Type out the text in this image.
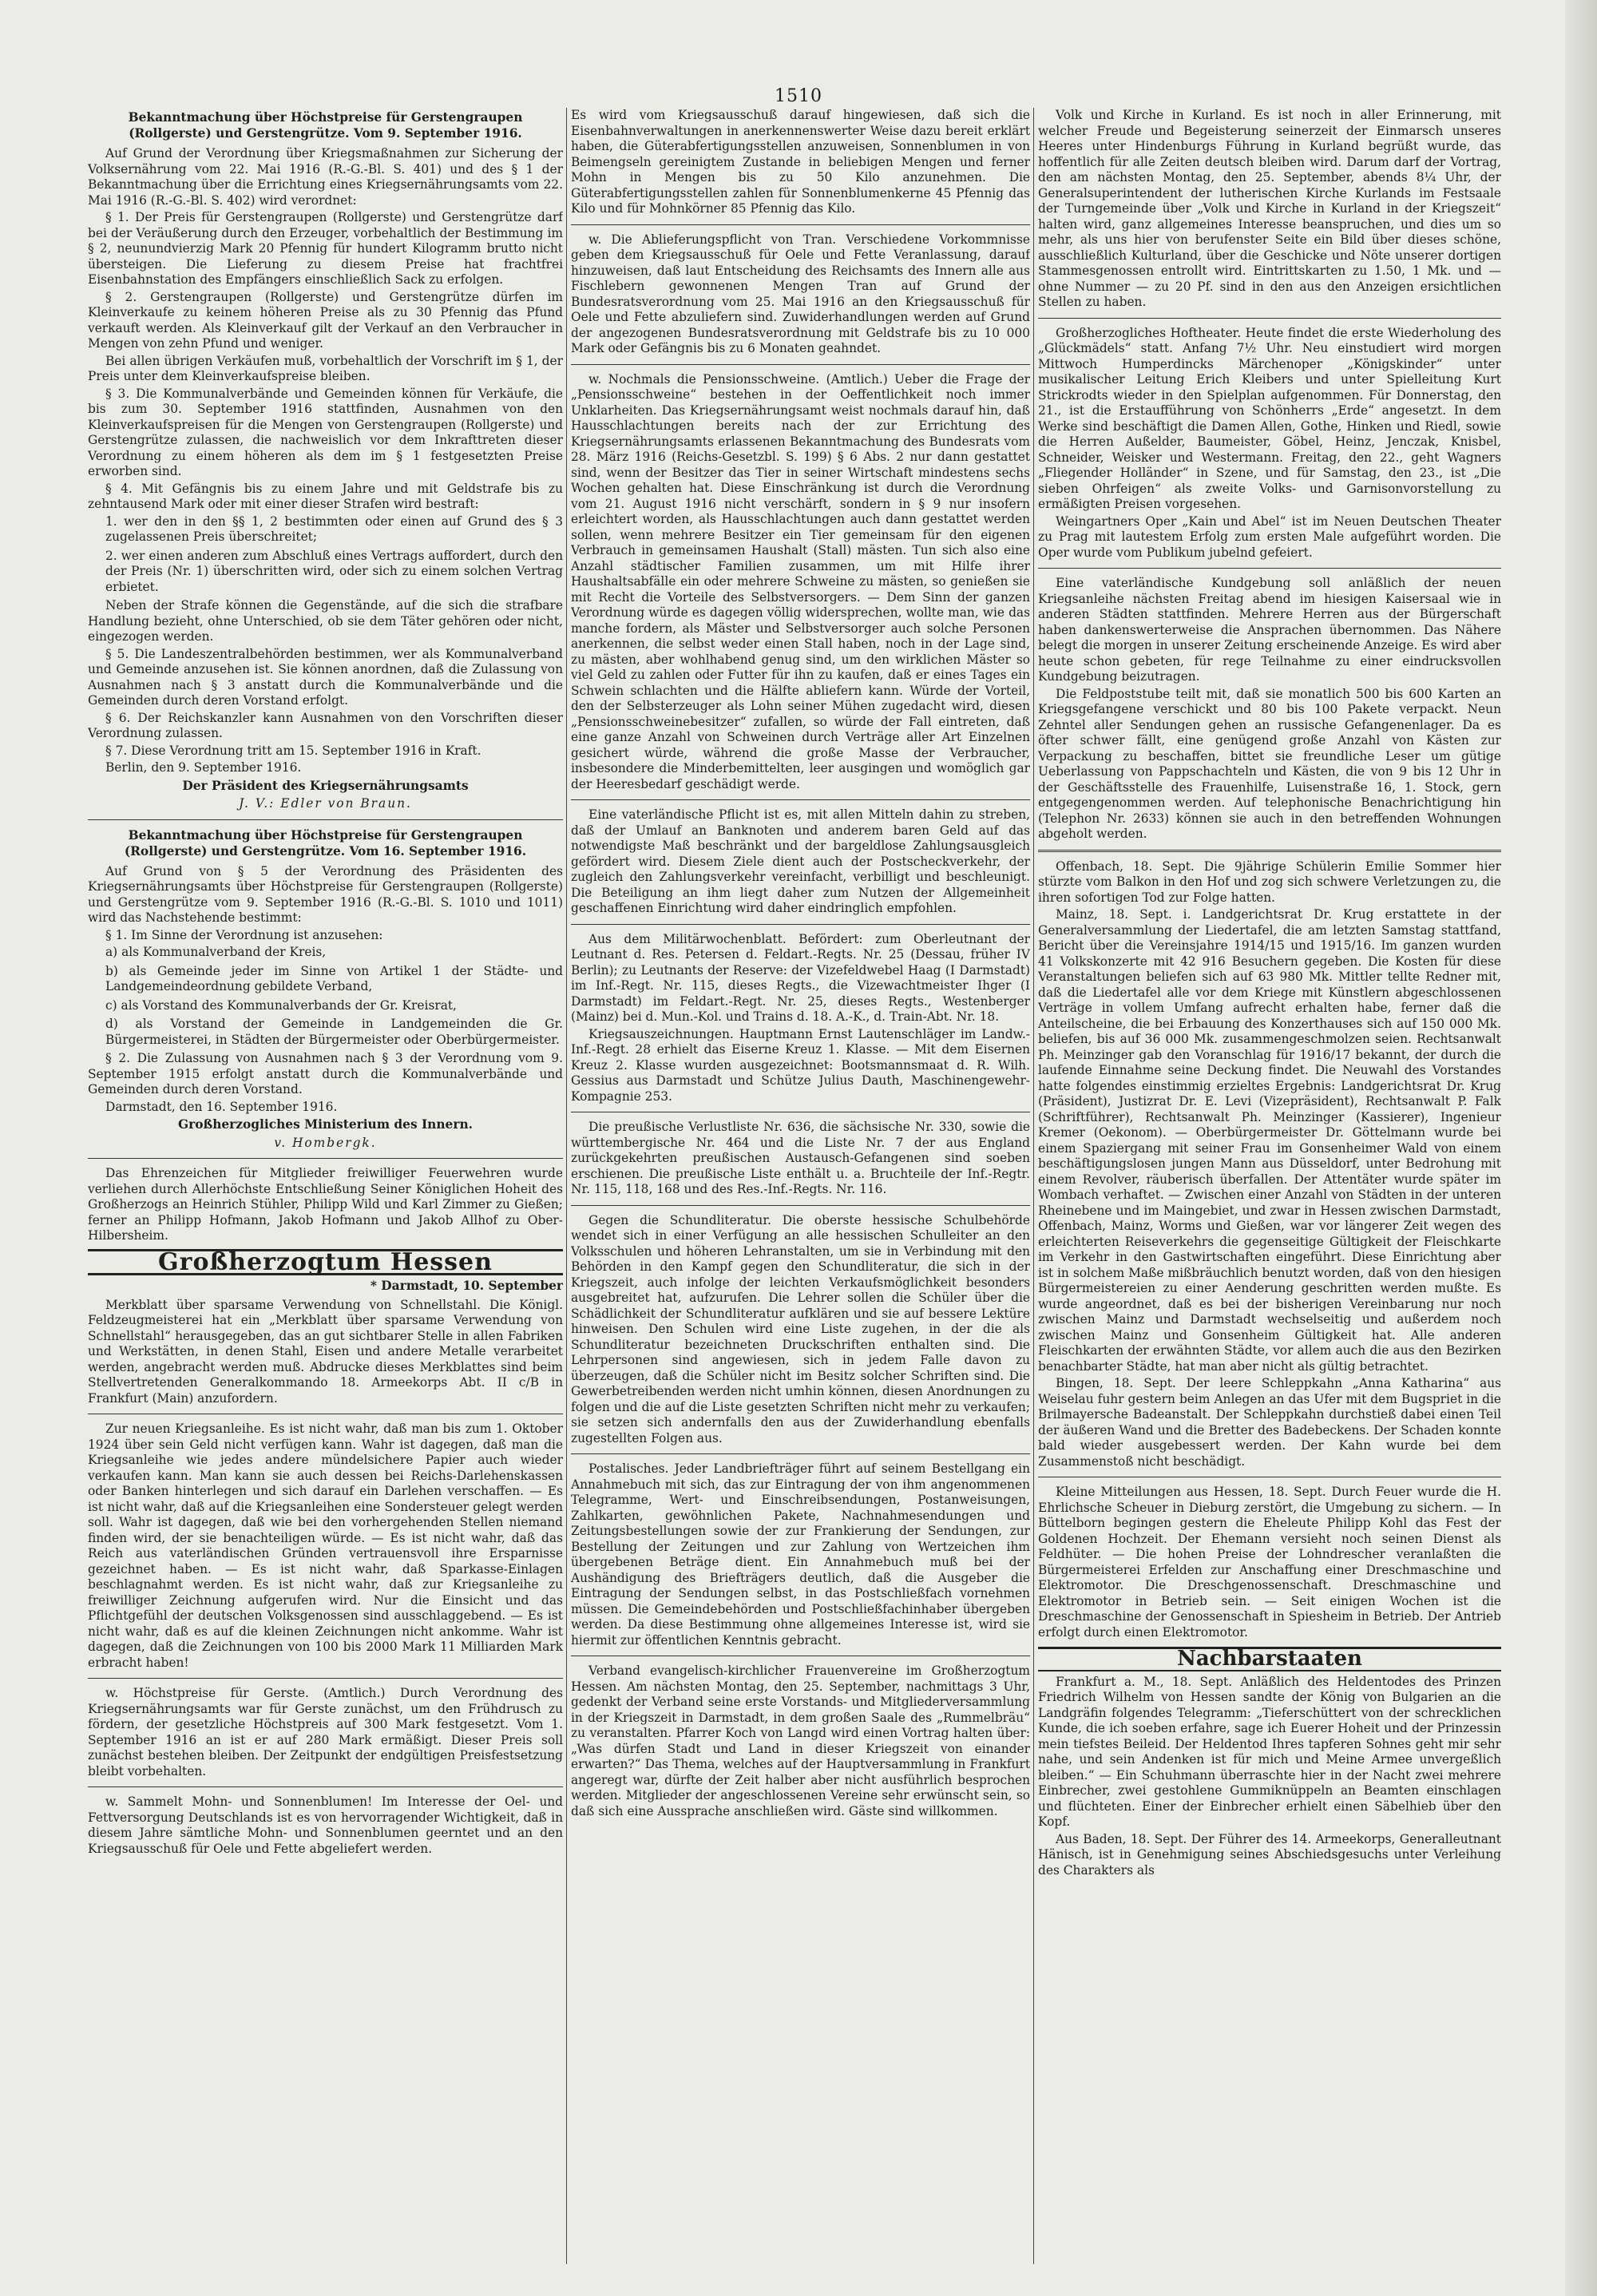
1510
Bekanntmachung über Höchstpreise für Gerstengraupen (Rollgerste) und Gerstengrütze. Vom 9. September 1916.

Auf Grund der Verordnung über Kriegsmaßnahmen zur Sicherung der Volksernährung vom 22. Mai 1916 (R.-G.-Bl. S. 401) und des § 1 der Bekanntmachung über die Errichtung eines Kriegsernährungsamts vom 22. Mai 1916 (R.-G.-Bl. S. 402) wird verordnet:

§ 1. Der Preis für Gerstengraupen (Rollgerste) und Gerstengrütze darf bei der Veräußerung durch den Erzeuger, vorbehaltlich der Bestimmung im § 2, neunundvierzig Mark 20 Pfennig für hundert Kilogramm brutto nicht übersteigen. Die Lieferung zu diesem Preise hat frachtfrei Eisenbahnstation des Empfängers einschließlich Sack zu erfolgen.

§ 2. Gerstengraupen (Rollgerste) und Gerstengrütze dürfen im Kleinverkaufe zu keinem höheren Preise als zu 30 Pfennig das Pfund verkauft werden. Als Kleinverkauf gilt der Verkauf an den Verbraucher in Mengen von zehn Pfund und weniger.

Bei allen übrigen Verkäufen muß, vorbehaltlich der Vorschrift im § 1, der Preis unter dem Kleinverkaufspreise bleiben.

§ 3. Die Kommunalverbände und Gemeinden können für Verkäufe, die bis zum 30. September 1916 stattfinden, Ausnahmen von den Kleinverkaufspreisen für die Mengen von Gerstengraupen (Rollgerste) und Gerstengrütze zulassen, die nachweislich vor dem Inkrafttreten dieser Verordnung zu einem höheren als dem im § 1 festgesetzten Preise erworben sind.

§ 4. Mit Gefängnis bis zu einem Jahre und mit Geldstrafe bis zu zehntausend Mark oder mit einer dieser Strafen wird bestraft:

1. wer den in den §§ 1, 2 bestimmten oder einen auf Grund des § 3 zugelassenen Preis überschreitet;
2. wer einen anderen zum Abschluß eines Vertrags auffordert, durch den der Preis (Nr. 1) überschritten wird, oder sich zu einem solchen Vertrag erbietet.

Neben der Strafe können die Gegenstände, auf die sich die strafbare Handlung bezieht, ohne Unterschied, ob sie dem Täter gehören oder nicht, eingezogen werden.

§ 5. Die Landeszentralbehörden bestimmen, wer als Kommunalverband und Gemeinde anzusehen ist. Sie können anordnen, daß die Zulassung von Ausnahmen nach § 3 anstatt durch die Kommunalverbände und die Gemeinden durch deren Vorstand erfolgt.

§ 6. Der Reichskanzler kann Ausnahmen von den Vorschriften dieser Verordnung zulassen.

§ 7. Diese Verordnung tritt am 15. September 1916 in Kraft.

Berlin, den 9. September 1916.

Der Präsident des Kriegsernährungsamts
J. V.: Edler von Braun.
Bekanntmachung über Höchstpreise für Gerstengraupen (Rollgerste) und Gerstengrütze. Vom 16. September 1916.

Auf Grund von § 5 der Verordnung des Präsidenten des Kriegsernährungsamts über Höchstpreise für Gerstengraupen (Rollgerste) und Gerstengrütze vom 9. September 1916 (R.-G.-Bl. S. 1010 und 1011) wird das Nachstehende bestimmt:

§ 1. Im Sinne der Verordnung ist anzusehen:

a) als Kommunalverband der Kreis,
b) als Gemeinde jeder im Sinne von Artikel 1 der Städte- und Landgemeindeordnung gebildete Verband,
c) als Vorstand des Kommunalverbands der Gr. Kreisrat,
d) als Vorstand der Gemeinde in Landgemeinden die Gr. Bürgermeisterei, in Städten der Bürgermeister oder Oberbürgermeister.

§ 2. Die Zulassung von Ausnahmen nach § 3 der Verordnung vom 9. September 1915 erfolgt anstatt durch die Kommunalverbände und Gemeinden durch deren Vorstand.

Darmstadt, den 16. September 1916.

Großherzogliches Ministerium des Innern.
v. Hombergk.

Das Ehrenzeichen für Mitglieder freiwilliger Feuerwehren wurde verliehen durch Allerhöchste Entschließung Seiner Königlichen Hoheit des Großherzogs an Heinrich Stühler, Philipp Wild und Karl Zimmer zu Gießen; ferner an Philipp Hofmann, Jakob Hofmann und Jakob Allhof zu Ober-Hilbersheim.

Großherzogtum Hessen
* Darmstadt, 10. September

Merkblatt über sparsame Verwendung von Schnellstahl. Die Königl. Feldzeugmeisterei hat ein „Merkblatt über sparsame Verwendung von Schnellstahl“ herausgegeben, das an gut sichtbarer Stelle in allen Fabriken und Werkstätten, in denen Stahl, Eisen und andere Metalle verarbeitet werden, angebracht werden muß. Abdrucke dieses Merkblattes sind beim Stellvertretenden Generalkommando 18. Armeekorps Abt. II c/B in Frankfurt (Main) anzufordern.

Zur neuen Kriegsanleihe. Es ist nicht wahr, daß man bis zum 1. Oktober 1924 über sein Geld nicht verfügen kann. Wahr ist dagegen, daß man die Kriegsanleihe wie jedes andere mündelsichere Papier auch wieder verkaufen kann. Man kann sie auch dessen bei Reichs-Darlehenskassen oder Banken hinterlegen und sich darauf ein Darlehen verschaffen. — Es ist nicht wahr, daß auf die Kriegsanleihen eine Sondersteuer gelegt werden soll. Wahr ist dagegen, daß wie bei den vorhergehenden Stellen niemand finden wird, der sie benachteiligen würde. — Es ist nicht wahr, daß das Reich aus vaterländischen Gründen vertrauensvoll ihre Ersparnisse gezeichnet haben. — Es ist nicht wahr, daß Sparkasse-Einlagen beschlagnahmt werden. Es ist nicht wahr, daß zur Kriegsanleihe zu freiwilliger Zeichnung aufgerufen wird. Nur die Einsicht und das Pflichtgefühl der deutschen Volksgenossen sind ausschlaggebend. — Es ist nicht wahr, daß es auf die kleinen Zeichnungen nicht ankomme. Wahr ist dagegen, daß die Zeichnungen von 100 bis 2000 Mark 11 Milliarden Mark erbracht haben!

w. Höchstpreise für Gerste. (Amtlich.) Durch Verordnung des Kriegsernährungsamts war für Gerste zunächst, um den Frühdrusch zu fördern, der gesetzliche Höchstpreis auf 300 Mark festgesetzt. Vom 1. September 1916 an ist er auf 280 Mark ermäßigt. Dieser Preis soll zunächst bestehen bleiben. Der Zeitpunkt der endgültigen Preisfestsetzung bleibt vorbehalten.

w. Sammelt Mohn- und Sonnenblumen! Im Interesse der Oel- und Fettversorgung Deutschlands ist es von hervorragender Wichtigkeit, daß in diesem Jahre sämtliche Mohn- und Sonnenblumen geerntet und an den Kriegsausschuß für Oele und Fette abgeliefert werden.

Es wird vom Kriegsausschuß darauf hingewiesen, daß sich die Eisenbahnverwaltungen in anerkennenswerter Weise dazu bereit erklärt haben, die Güterabfertigungsstellen anzuweisen, Sonnenblumen in von Beimengseln gereinigtem Zustande in beliebigen Mengen und ferner Mohn in Mengen bis zu 50 Kilo anzunehmen. Die Güterabfertigungsstellen zahlen für Sonnenblumenkerne 45 Pfennig das Kilo und für Mohnkörner 85 Pfennig das Kilo.

w. Die Ablieferungspflicht von Tran. Verschiedene Vorkommnisse geben dem Kriegsausschuß für Oele und Fette Veranlassung, darauf hinzuweisen, daß laut Entscheidung des Reichsamts des Innern alle aus Fischlebern gewonnenen Mengen Tran auf Grund der Bundesratsverordnung vom 25. Mai 1916 an den Kriegsausschuß für Oele und Fette abzuliefern sind. Zuwiderhandlungen werden auf Grund der angezogenen Bundesratsverordnung mit Geldstrafe bis zu 10 000 Mark oder Gefängnis bis zu 6 Monaten geahndet.

w. Nochmals die Pensionsschweine. (Amtlich.) Ueber die Frage der „Pensionsschweine“ bestehen in der Oeffentlichkeit noch immer Unklarheiten. Das Kriegsernährungsamt weist nochmals darauf hin, daß Hausschlachtungen bereits nach der zur Errichtung des Kriegsernährungsamts erlassenen Bekanntmachung des Bundesrats vom 28. März 1916 (Reichs-Gesetzbl. S. 199) § 6 Abs. 2 nur dann gestattet sind, wenn der Besitzer das Tier in seiner Wirtschaft mindestens sechs Wochen gehalten hat. Diese Einschränkung ist durch die Verordnung vom 21. August 1916 nicht verschärft, sondern in § 9 nur insofern erleichtert worden, als Hausschlachtungen auch dann gestattet werden sollen, wenn mehrere Besitzer ein Tier gemeinsam für den eigenen Verbrauch in gemeinsamen Haushalt (Stall) mästen. Tun sich also eine Anzahl städtischer Familien zusammen, um mit Hilfe ihrer Haushaltsabfälle ein oder mehrere Schweine zu mästen, so genießen sie mit Recht die Vorteile des Selbstversorgers. — Dem Sinn der ganzen Verordnung würde es dagegen völlig widersprechen, wollte man, wie das manche fordern, als Mäster und Selbstversorger auch solche Personen anerkennen, die selbst weder einen Stall haben, noch in der Lage sind, zu mästen, aber wohlhabend genug sind, um den wirklichen Mäster so viel Geld zu zahlen oder Futter für ihn zu kaufen, daß er eines Tages ein Schwein schlachten und die Hälfte abliefern kann. Würde der Vorteil, den der Selbsterzeuger als Lohn seiner Mühen zugedacht wird, diesen „Pensionsschweinebesitzer“ zufallen, so würde der Fall eintreten, daß eine ganze Anzahl von Schweinen durch Verträge aller Art Einzelnen gesichert würde, während die große Masse der Verbraucher, insbesondere die Minderbemittelten, leer ausgingen und womöglich gar der Heeresbedarf geschädigt werde.

Eine vaterländische Pflicht ist es, mit allen Mitteln dahin zu streben, daß der Umlauf an Banknoten und anderem baren Geld auf das notwendigste Maß beschränkt und der bargeldlose Zahlungsausgleich gefördert wird. Diesem Ziele dient auch der Postscheckverkehr, der zugleich den Zahlungsverkehr vereinfacht, verbilligt und beschleunigt. Die Beteiligung an ihm liegt daher zum Nutzen der Allgemeinheit geschaffenen Einrichtung wird daher eindringlich empfohlen.

Aus dem Militärwochenblatt. Befördert: zum Oberleutnant der Leutnant d. Res. Petersen d. Feldart.-Regts. Nr. 25 (Dessau, früher IV Berlin); zu Leutnants der Reserve: der Vizefeldwebel Haag (I Darmstadt) im Inf.-Regt. Nr. 115, dieses Regts., die Vizewachtmeister Ihger (I Darmstadt) im Feldart.-Regt. Nr. 25, dieses Regts., Westenberger (Mainz) bei d. Mun.-Kol. und Trains d. 18. A.-K., d. Train-Abt. Nr. 18.

Kriegsauszeichnungen. Hauptmann Ernst Lautenschläger im Landw.-Inf.-Regt. 28 erhielt das Eiserne Kreuz 1. Klasse. — Mit dem Eisernen Kreuz 2. Klasse wurden ausgezeichnet: Bootsmannsmaat d. R. Wilh. Gessius aus Darmstadt und Schütze Julius Dauth, Maschinengewehr-Kompagnie 253.

Die preußische Verlustliste Nr. 636, die sächsische Nr. 330, sowie die württembergische Nr. 464 und die Liste Nr. 7 der aus England zurückgekehrten preußischen Austausch-Gefangenen sind soeben erschienen. Die preußische Liste enthält u. a. Bruchteile der Inf.-Regtr. Nr. 115, 118, 168 und des Res.-Inf.-Regts. Nr. 116.

Gegen die Schundliteratur. Die oberste hessische Schulbehörde wendet sich in einer Verfügung an alle hessischen Schulleiter an den Volksschulen und höheren Lehranstalten, um sie in Verbindung mit den Behörden in den Kampf gegen den Schundliteratur, die sich in der Kriegszeit, auch infolge der leichten Verkaufsmöglichkeit besonders ausgebreitet hat, aufzurufen. Die Lehrer sollen die Schüler über die Schädlichkeit der Schundliteratur aufklären und sie auf bessere Lektüre hinweisen. Den Schulen wird eine Liste zugehen, in der die als Schundliteratur bezeichneten Druckschriften enthalten sind. Die Lehrpersonen sind angewiesen, sich in jedem Falle davon zu überzeugen, daß die Schüler nicht im Besitz solcher Schriften sind. Die Gewerbetreibenden werden nicht umhin können, diesen Anordnungen zu folgen und die auf die Liste gesetzten Schriften nicht mehr zu verkaufen; sie setzen sich andernfalls den aus der Zuwiderhandlung ebenfalls zugestellten Folgen aus.

Postalisches. Jeder Landbriefträger führt auf seinem Bestellgang ein Annahmebuch mit sich, das zur Eintragung der von ihm angenommenen Telegramme, Wert- und Einschreibsendungen, Postanweisungen, Zahlkarten, gewöhnlichen Pakete, Nachnahmesendungen und Zeitungsbestellungen sowie der zur Frankierung der Sendungen, zur Bestellung der Zeitungen und zur Zahlung von Wertzeichen ihm übergebenen Beträge dient. Ein Annahmebuch muß bei der Aushändigung des Briefträgers deutlich, daß die Ausgeber die Eintragung der Sendungen selbst, in das Postschließfach vornehmen müssen. Die Gemeindebehörden und Postschließfachinhaber übergeben werden. Da diese Bestimmung ohne allgemeines Interesse ist, wird sie hiermit zur öffentlichen Kenntnis gebracht.

Verband evangelisch-kirchlicher Frauenvereine im Großherzogtum Hessen. Am nächsten Montag, den 25. September, nachmittags 3 Uhr, gedenkt der Verband seine erste Vorstands- und Mitgliederversammlung in der Kriegszeit in Darmstadt, in dem großen Saale des „Rummelbräu“ zu veranstalten. Pfarrer Koch von Langd wird einen Vortrag halten über: „Was dürfen Stadt und Land in dieser Kriegszeit von einander erwarten?“ Das Thema, welches auf der Hauptversammlung in Frankfurt angeregt war, dürfte der Zeit halber aber nicht ausführlich besprochen werden. Mitglieder der angeschlossenen Vereine sehr erwünscht sein, so daß sich eine Aussprache anschließen wird. Gäste sind willkommen.

Volk und Kirche in Kurland. Es ist noch in aller Erinnerung, mit welcher Freude und Begeisterung seinerzeit der Einmarsch unseres Heeres unter Hindenburgs Führung in Kurland begrüßt wurde, das hoffentlich für alle Zeiten deutsch bleiben wird. Darum darf der Vortrag, den am nächsten Montag, den 25. September, abends 8¼ Uhr, der Generalsuperintendent der lutherischen Kirche Kurlands im Festsaale der Turngemeinde über „Volk und Kirche in Kurland in der Kriegszeit“ halten wird, ganz allgemeines Interesse beanspruchen, und dies um so mehr, als uns hier von berufenster Seite ein Bild über dieses schöne, ausschließlich Kulturland, über die Geschicke und Nöte unserer dortigen Stammesgenossen entrollt wird. Eintrittskarten zu 1.50, 1 Mk. und — ohne Nummer — zu 20 Pf. sind in den aus den Anzeigen ersichtlichen Stellen zu haben.

Großherzogliches Hoftheater. Heute findet die erste Wiederholung des „Glückmädels“ statt. Anfang 7½ Uhr. Neu einstudiert wird morgen Mittwoch Humperdincks Märchenoper „Königskinder“ unter musikalischer Leitung Erich Kleibers und unter Spielleitung Kurt Strickrodts wieder in den Spielplan aufgenommen. Für Donnerstag, den 21., ist die Erstaufführung von Schönherrs „Erde“ angesetzt. In dem Werke sind beschäftigt die Damen Allen, Gothe, Hinken und Riedl, sowie die Herren Außelder, Baumeister, Göbel, Heinz, Jenczak, Knisbel, Schneider, Weisker und Westermann. Freitag, den 22., geht Wagners „Fliegender Holländer“ in Szene, und für Samstag, den 23., ist „Die sieben Ohrfeigen“ als zweite Volks- und Garnisonvorstellung zu ermäßigten Preisen vorgesehen.

Weingartners Oper „Kain und Abel“ ist im Neuen Deutschen Theater zu Prag mit lautestem Erfolg zum ersten Male aufgeführt worden. Die Oper wurde vom Publikum jubelnd gefeiert.

Eine vaterländische Kundgebung soll anläßlich der neuen Kriegsanleihe nächsten Freitag abend im hiesigen Kaisersaal wie in anderen Städten stattfinden. Mehrere Herren aus der Bürgerschaft haben dankenswerterweise die Ansprachen übernommen. Das Nähere belegt die morgen in unserer Zeitung erscheinende Anzeige. Es wird aber heute schon gebeten, für rege Teilnahme zu einer eindrucksvollen Kundgebung beizutragen.

Die Feldpoststube teilt mit, daß sie monatlich 500 bis 600 Karten an Kriegsgefangene verschickt und 80 bis 100 Pakete verpackt. Neun Zehntel aller Sendungen gehen an russische Gefangenenlager. Da es öfter schwer fällt, eine genügend große Anzahl von Kästen zur Verpackung zu beschaffen, bittet sie freundliche Leser um gütige Ueberlassung von Pappschachteln und Kästen, die von 9 bis 12 Uhr in der Geschäftsstelle des Frauenhilfe, Luisenstraße 16, 1. Stock, gern entgegengenommen werden. Auf telephonische Benachrichtigung hin (Telephon Nr. 2633) können sie auch in den betreffenden Wohnungen abgeholt werden.

Offenbach, 18. Sept. Die 9jährige Schülerin Emilie Sommer hier stürzte vom Balkon in den Hof und zog sich schwere Verletzungen zu, die ihren sofortigen Tod zur Folge hatten.

Mainz, 18. Sept. i. Landgerichtsrat Dr. Krug erstattete in der Generalversammlung der Liedertafel, die am letzten Samstag stattfand, Bericht über die Vereinsjahre 1914/15 und 1915/16. Im ganzen wurden 41 Volkskonzerte mit 42 916 Besuchern gegeben. Die Kosten für diese Veranstaltungen beliefen sich auf 63 980 Mk. Mittler tellte Redner mit, daß die Liedertafel alle vor dem Kriege mit Künstlern abgeschlossenen Verträge in vollem Umfang aufrecht erhalten habe, ferner daß die Anteilscheine, die bei Erbauung des Konzerthauses sich auf 150 000 Mk. beliefen, bis auf 36 000 Mk. zusammengeschmolzen seien. Rechtsanwalt Ph. Meinzinger gab den Voranschlag für 1916/17 bekannt, der durch die laufende Einnahme seine Deckung findet. Die Neuwahl des Vorstandes hatte folgendes einstimmig erzieltes Ergebnis: Landgerichtsrat Dr. Krug (Präsident), Justizrat Dr. E. Levi (Vizepräsident), Rechtsanwalt P. Falk (Schriftführer), Rechtsanwalt Ph. Meinzinger (Kassierer), Ingenieur Kremer (Oekonom). — Oberbürgermeister Dr. Göttelmann wurde bei einem Spaziergang mit seiner Frau im Gonsenheimer Wald von einem beschäftigungslosen jungen Mann aus Düsseldorf, unter Bedrohung mit einem Revolver, räuberisch überfallen. Der Attentäter wurde später im Wombach verhaftet. — Zwischen einer Anzahl von Städten in der unteren Rheinebene und im Maingebiet, und zwar in Hessen zwischen Darmstadt, Offenbach, Mainz, Worms und Gießen, war vor längerer Zeit wegen des erleichterten Reiseverkehrs die gegenseitige Gültigkeit der Fleischkarte im Verkehr in den Gastwirtschaften eingeführt. Diese Einrichtung aber ist in solchem Maße mißbräuchlich benutzt worden, daß von den hiesigen Bürgermeistereien zu einer Aenderung geschritten werden mußte. Es wurde angeordnet, daß es bei der bisherigen Vereinbarung nur noch zwischen Mainz und Darmstadt wechselseitig und außerdem noch zwischen Mainz und Gonsenheim Gültigkeit hat. Alle anderen Fleischkarten der erwähnten Städte, vor allem auch die aus den Bezirken benachbarter Städte, hat man aber nicht als gültig betrachtet.

Bingen, 18. Sept. Der leere Schleppkahn „Anna Katharina“ aus Weiselau fuhr gestern beim Anlegen an das Ufer mit dem Bugspriet in die Brilmayersche Badeanstalt. Der Schleppkahn durchstieß dabei einen Teil der äußeren Wand und die Bretter des Badebeckens. Der Schaden konnte bald wieder ausgebessert werden. Der Kahn wurde bei dem Zusammenstoß nicht beschädigt.

Kleine Mitteilungen aus Hessen, 18. Sept. Durch Feuer wurde die H. Ehrlichsche Scheuer in Dieburg zerstört, die Umgebung zu sichern. — In Büttelborn begingen gestern die Eheleute Philipp Kohl das Fest der Goldenen Hochzeit. Der Ehemann versieht noch seinen Dienst als Feldhüter. — Die hohen Preise der Lohndrescher veranlaßten die Bürgermeisterei Erfelden zur Anschaffung einer Dreschmaschine und Elektromotor. Die Dreschgenossenschaft. Dreschmaschine und Elektromotor in Betrieb sein. — Seit einigen Wochen ist die Dreschmaschine der Genossenschaft in Spiesheim in Betrieb. Der Antrieb erfolgt durch einen Elektromotor.

Nachbarstaaten

Frankfurt a. M., 18. Sept. Anläßlich des Heldentodes des Prinzen Friedrich Wilhelm von Hessen sandte der König von Bulgarien an die Landgräfin folgendes Telegramm: „Tieferschüttert von der schrecklichen Kunde, die ich soeben erfahre, sage ich Euerer Hoheit und der Prinzessin mein tiefstes Beileid. Der Heldentod Ihres tapferen Sohnes geht mir sehr nahe, und sein Andenken ist für mich und Meine Armee unvergeßlich bleiben.“ — Ein Schuhmann überraschte hier in der Nacht zwei mehrere Einbrecher, zwei gestohlene Gummiknüppeln an Beamten einschlagen und flüchteten. Einer der Einbrecher erhielt einen Säbelhieb über den Kopf.

Aus Baden, 18. Sept. Der Führer des 14. Armeekorps, Generalleutnant Hänisch, ist in Genehmigung seines Abschiedsgesuchs unter Verleihung des Charakters als
